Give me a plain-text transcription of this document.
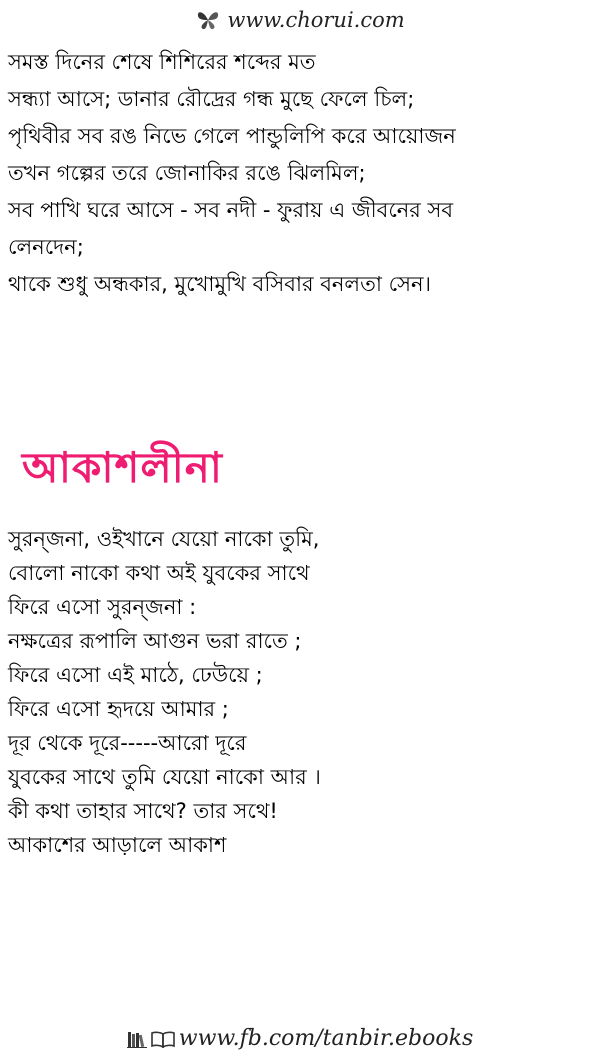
www.chorui.com
সমস্ত দিনের শেষে শিশিরের শব্দের মত
সন্ধ্যা আসে; ডানার রৌদ্রের গন্ধ মুছে ফেলে চিল;
পৃথিবীর সব রঙ নিভে গেলে পান্ডুলিপি করে আয়োজন
তখন গল্পের তরে জোনাকির রঙে ঝিলমিল;
সব পাখি ঘরে আসে - সব নদী - ফুরায় এ জীবনের সব
লেনদেন;
থাকে শুধু অন্ধকার, মুখোমুখি বসিবার বনলতা সেন।
আকাশলীনা
সুরন্জনা, ওইখানে যেয়ো নাকো তুমি,
বোলো নাকো কথা অই যুবকের সাথে
ফিরে এসো সুরন্জনা :
নক্ষত্রের রূপালি আগুন ভরা রাতে ;
ফিরে এসো এই মাঠে, ঢেউয়ে ;
ফিরে এসো হৃদয়ে আমার ;
দূর থেকে দূরে-----আরো দূরে
যুবকের সাথে তুমি যেয়ো নাকো আর ।
কী কথা তাহার সাথে? তার সথে!
আকাশের আড়ালে আকাশ
www.fb.com/tanbir.ebooks
